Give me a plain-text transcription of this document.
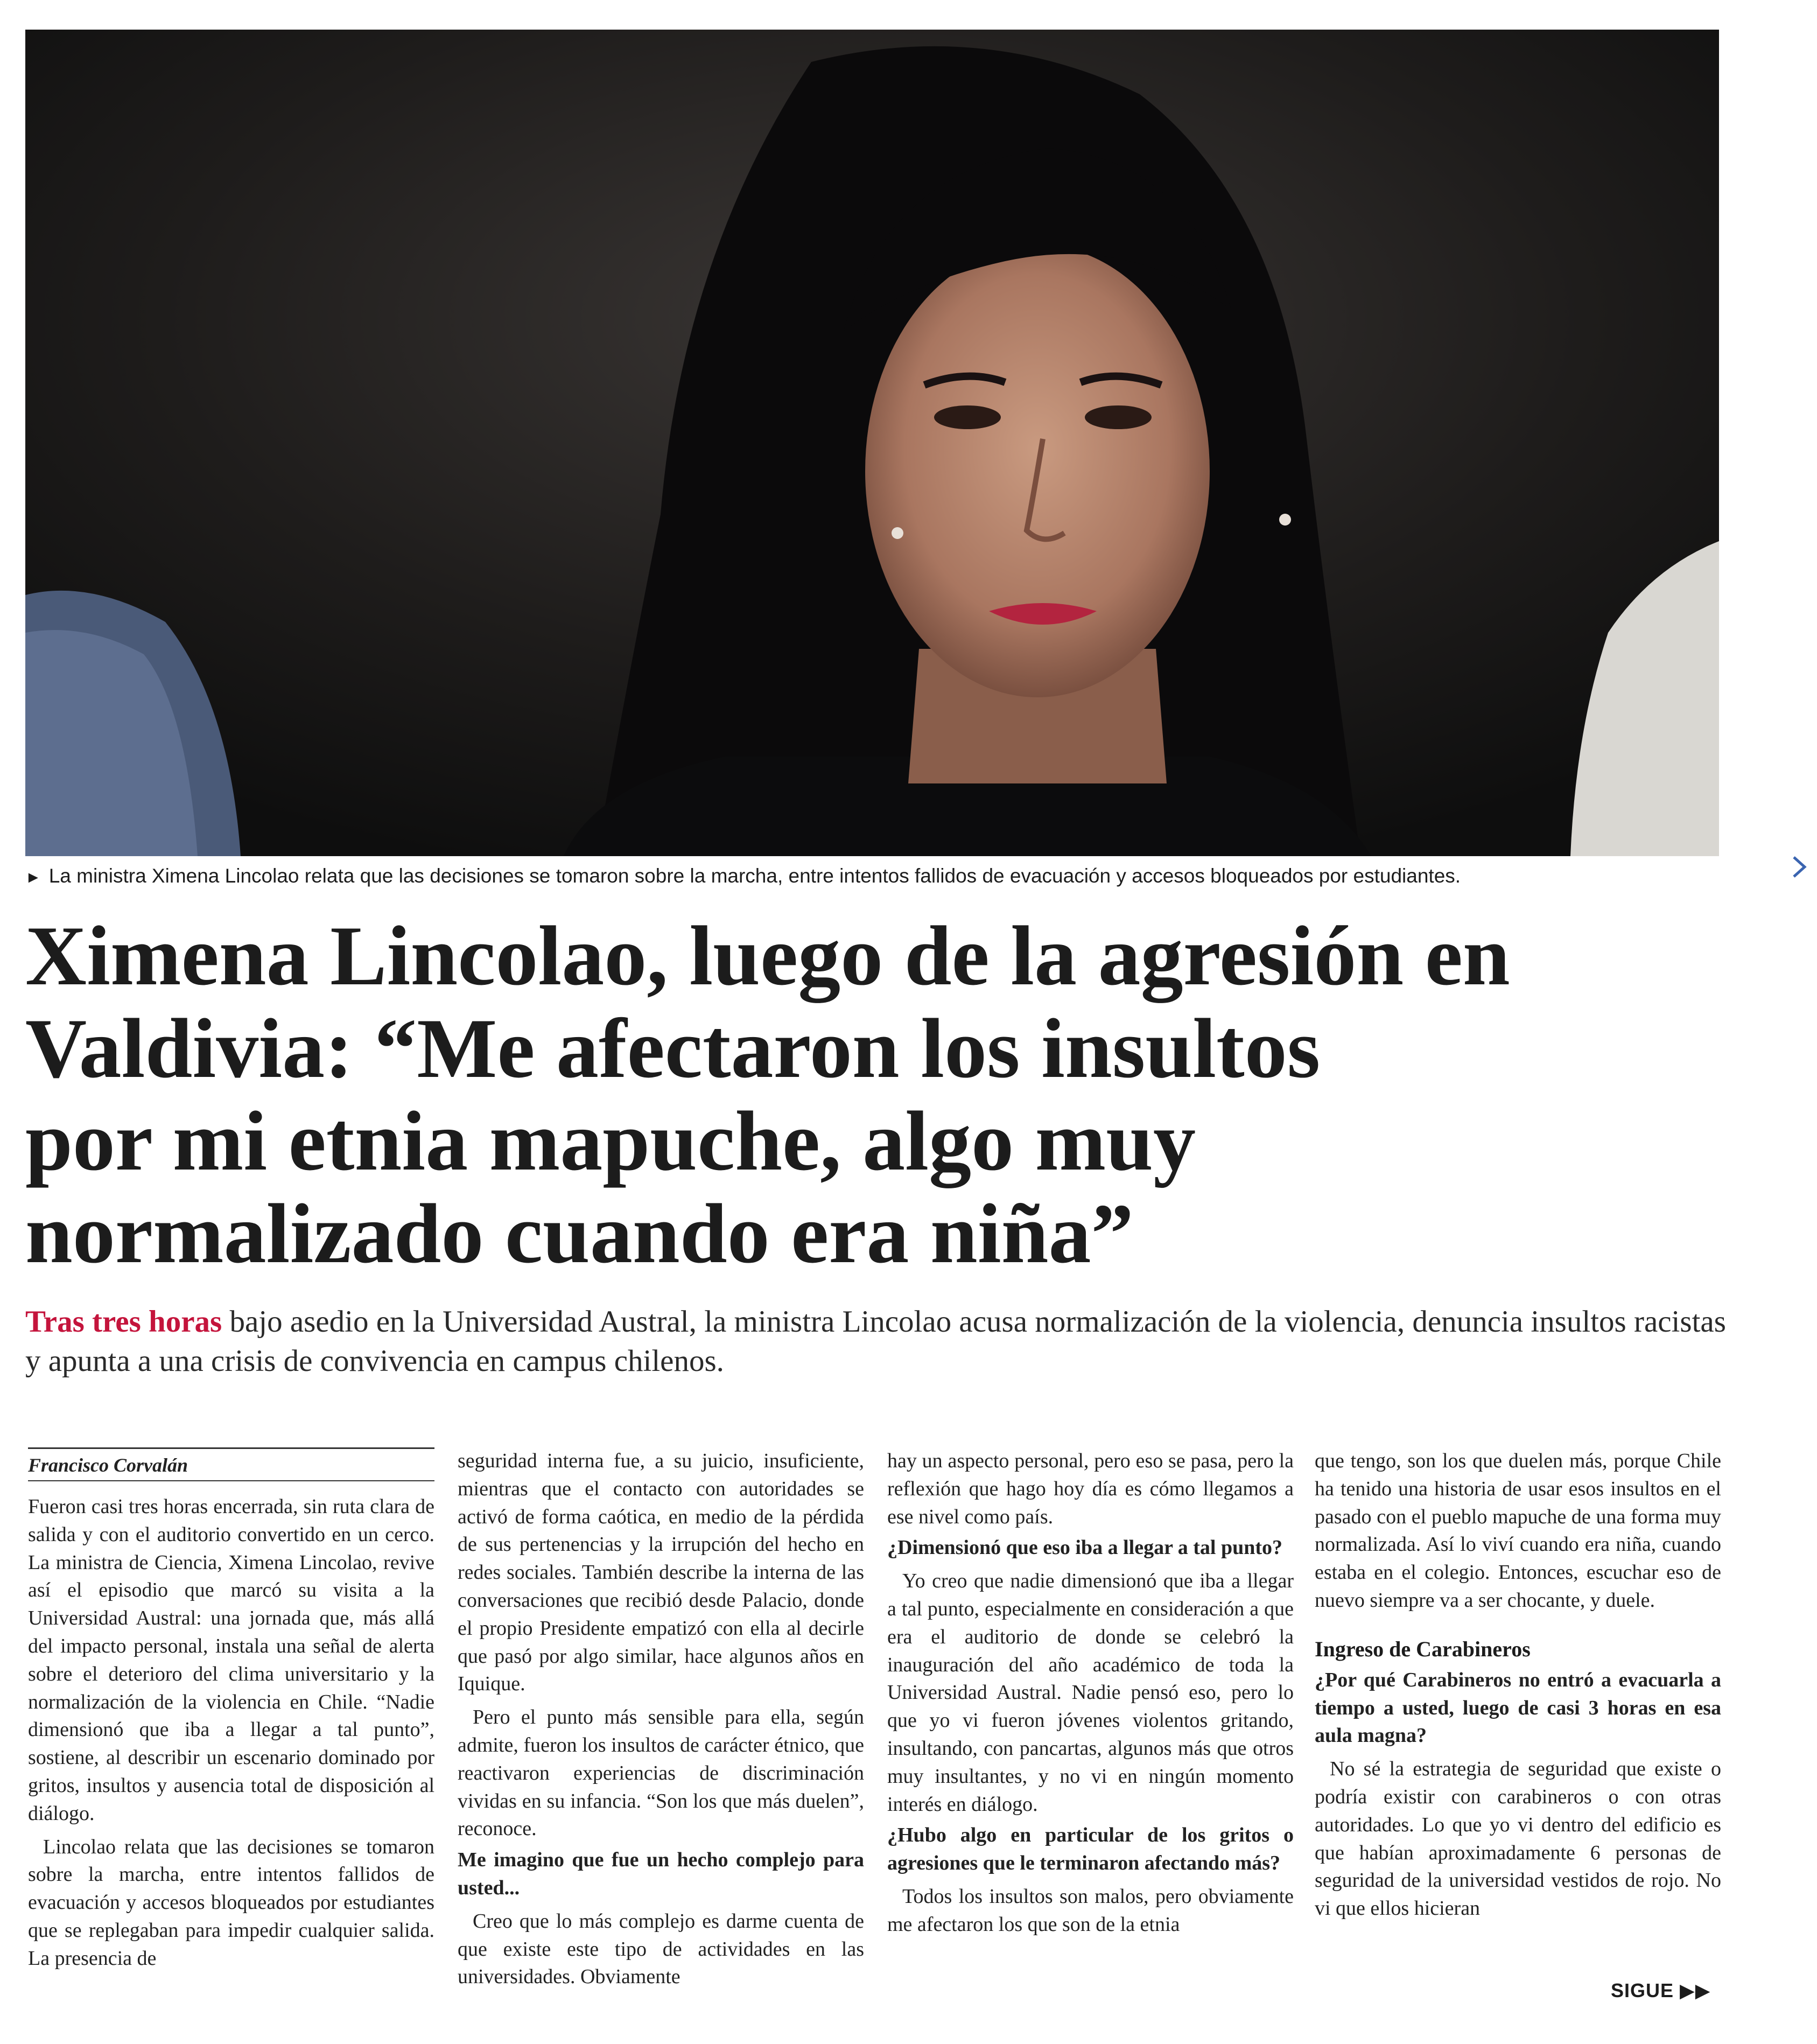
► La ministra Ximena Lincolao relata que las decisiones se tomaron sobre la marcha, entre intentos fallidos de evacuación y accesos bloqueados por estudiantes.
Ximena Lincolao, luego de la agresión en
Valdivia: “Me afectaron los insultos
por mi etnia mapuche, algo muy
normalizado cuando era niña”
Tras tres horas bajo asedio en la Universidad Austral, la ministra Lincolao acusa normalización de la violencia, denuncia insultos racistas y apunta a una crisis de convivencia en campus chilenos.
Francisco Corvalán

Fueron casi tres horas encerrada, sin ruta clara de salida y con el auditorio convertido en un cerco. La ministra de Ciencia, Ximena Lincolao, revive así el episodio que marcó su visita a la Universidad Austral: una jornada que, más allá del impacto personal, instala una señal de alerta sobre el deterioro del clima universitario y la normalización de la violencia en Chile. “Nadie dimensionó que iba a llegar a tal punto”, sostiene, al describir un escenario dominado por gritos, insultos y ausencia total de disposición al diálogo.

Lincolao relata que las decisiones se tomaron sobre la marcha, entre intentos fallidos de evacuación y accesos bloqueados por estudiantes que se replegaban para impedir cualquier salida. La presencia de

seguridad interna fue, a su juicio, insuficiente, mientras que el contacto con autoridades se activó de forma caótica, en medio de la pérdida de sus pertenencias y la irrupción del hecho en redes sociales. También describe la interna de las conversaciones que recibió desde Palacio, donde el propio Presidente empatizó con ella al decirle que pasó por algo similar, hace algunos años en Iquique.

Pero el punto más sensible para ella, según admite, fueron los insultos de carácter étnico, que reactivaron experiencias de discriminación vividas en su infancia. “Son los que más duelen”, reconoce.

Me imagino que fue un hecho complejo para usted...

Creo que lo más complejo es darme cuenta de que existe este tipo de actividades en las universidades. Obviamente

hay un aspecto personal, pero eso se pasa, pero la reflexión que hago hoy día es cómo llegamos a ese nivel como país.

¿Dimensionó que eso iba a llegar a tal punto?

Yo creo que nadie dimensionó que iba a llegar a tal punto, especialmente en consideración a que era el auditorio de donde se celebró la inauguración del año académico de toda la Universidad Austral. Nadie pensó eso, pero lo que yo vi fueron jóvenes violentos gritando, insultando, con pancartas, algunos más que otros muy insultantes, y no vi en ningún momento interés en diálogo.

¿Hubo algo en particular de los gritos o agresiones que le terminaron afectando más?

Todos los insultos son malos, pero obviamente me afectaron los que son de la etnia

que tengo, son los que duelen más, porque Chile ha tenido una historia de usar esos insultos en el pasado con el pueblo mapuche de una forma muy normalizada. Así lo viví cuando era niña, cuando estaba en el colegio. Entonces, escuchar eso de nuevo siempre va a ser chocante, y duele.

Ingreso de Carabineros

¿Por qué Carabineros no entró a evacuarla a tiempo a usted, luego de casi 3 horas en esa aula magna?

No sé la estrategia de seguridad que existe o podría existir con carabineros o con otras autoridades. Lo que yo vi dentro del edificio es que habían aproximadamente 6 personas de seguridad de la universidad vestidos de rojo. No vi que ellos hicieran

SIGUE ▶▶
